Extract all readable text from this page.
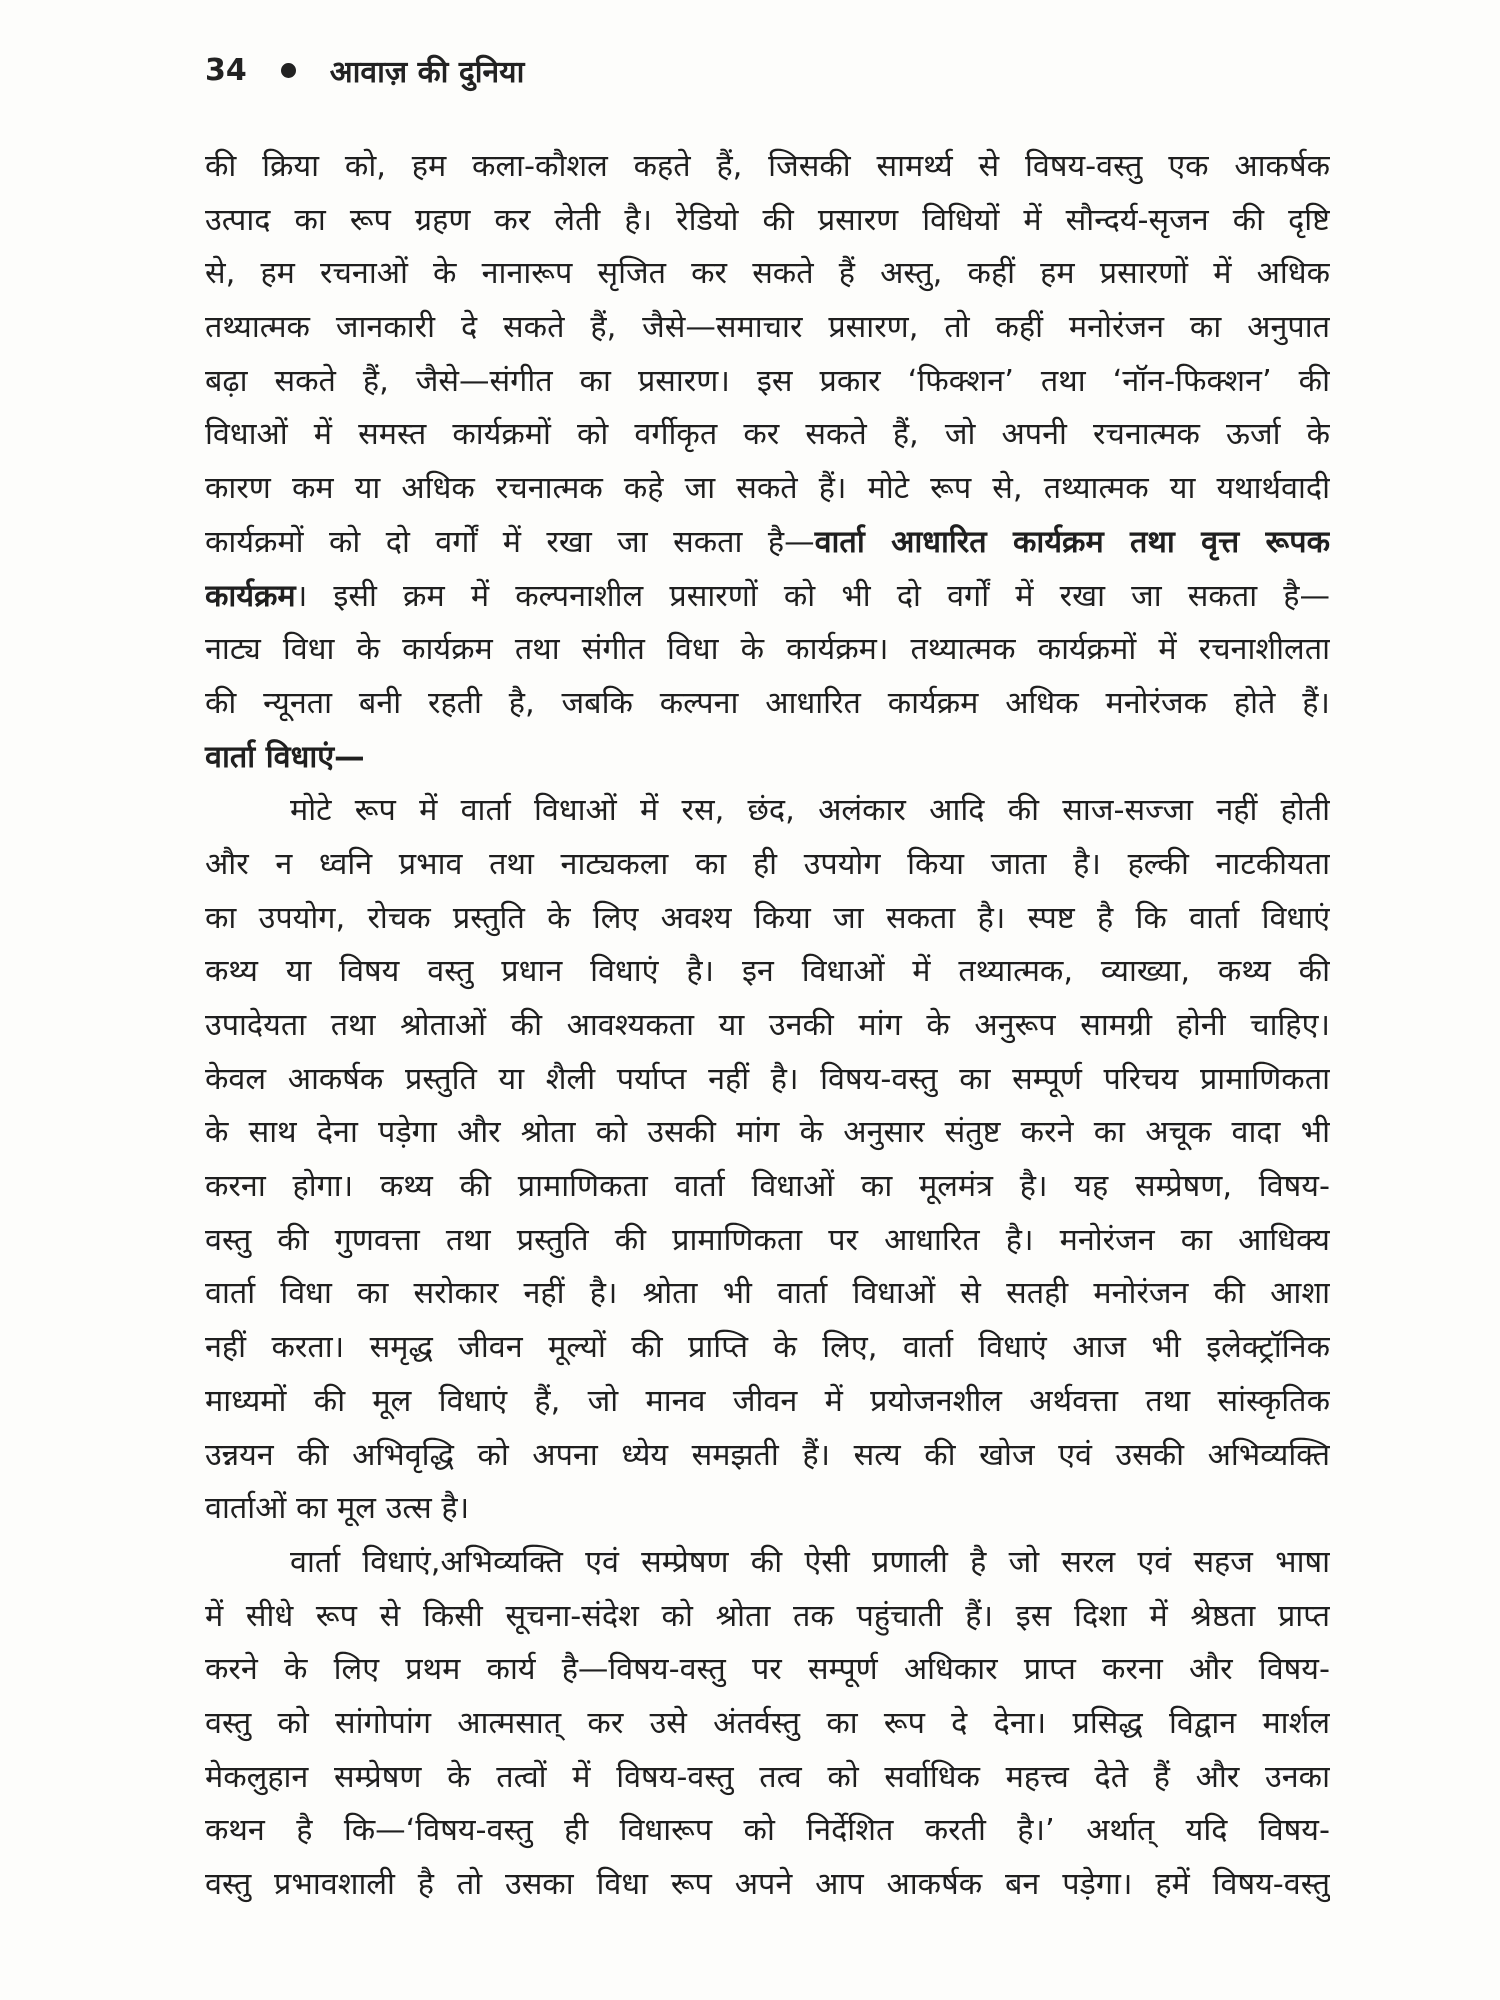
34	आवाज़ की दुनिया
की क्रिया को, हम कला-कौशल कहते हैं, जिसकी सामर्थ्य से विषय-वस्तु एक आकर्षक
उत्पाद का रूप ग्रहण कर लेती है। रेडियो की प्रसारण विधियों में सौन्दर्य-सृजन की दृष्टि
से, हम रचनाओं के नानारूप सृजित कर सकते हैं अस्तु, कहीं हम प्रसारणों में अधिक
तथ्यात्मक जानकारी दे सकते हैं, जैसे—समाचार प्रसारण, तो कहीं मनोरंजन का अनुपात
बढ़ा सकते हैं, जैसे—संगीत का प्रसारण। इस प्रकार ‘फिक्शन’ तथा ‘नॉन-फिक्शन’ की
विधाओं में समस्त कार्यक्रमों को वर्गीकृत कर सकते हैं, जो अपनी रचनात्मक ऊर्जा के
कारण कम या अधिक रचनात्मक कहे जा सकते हैं। मोटे रूप से, तथ्यात्मक या यथार्थवादी
कार्यक्रमों को दो वर्गों में रखा जा सकता है—वार्ता आधारित कार्यक्रम तथा वृत्त रूपक
कार्यक्रम। इसी क्रम में कल्पनाशील प्रसारणों को भी दो वर्गों में रखा जा सकता है—
नाट्य विधा के कार्यक्रम तथा संगीत विधा के कार्यक्रम। तथ्यात्मक कार्यक्रमों में रचनाशीलता
की न्यूनता बनी रहती है, जबकि कल्पना आधारित कार्यक्रम अधिक मनोरंजक होते हैं।
वार्ता विधाएं—
मोटे रूप में वार्ता विधाओं में रस, छंद, अलंकार आदि की साज-सज्जा नहीं होती
और न ध्वनि प्रभाव तथा नाट्यकला का ही उपयोग किया जाता है। हल्की नाटकीयता
का उपयोग, रोचक प्रस्तुति के लिए अवश्य किया जा सकता है। स्पष्ट है कि वार्ता विधाएं
कथ्य या विषय वस्तु प्रधान विधाएं है। इन विधाओं में तथ्यात्मक, व्याख्या, कथ्य की
उपादेयता तथा श्रोताओं की आवश्यकता या उनकी मांग के अनुरूप सामग्री होनी चाहिए।
केवल आकर्षक प्रस्तुति या शैली पर्याप्त नहीं है। विषय-वस्तु का सम्पूर्ण परिचय प्रामाणिकता
के साथ देना पड़ेगा और श्रोता को उसकी मांग के अनुसार संतुष्ट करने का अचूक वादा भी
करना होगा। कथ्य की प्रामाणिकता वार्ता विधाओं का मूलमंत्र है। यह सम्प्रेषण, विषय-
वस्तु की गुणवत्ता तथा प्रस्तुति की प्रामाणिकता पर आधारित है। मनोरंजन का आधिक्य
वार्ता विधा का सरोकार नहीं है। श्रोता भी वार्ता विधाओं से सतही मनोरंजन की आशा
नहीं करता। समृद्ध जीवन मूल्यों की प्राप्ति के लिए, वार्ता विधाएं आज भी इलेक्ट्रॉनिक
माध्यमों की मूल विधाएं हैं, जो मानव जीवन में प्रयोजनशील अर्थवत्ता तथा सांस्कृतिक
उन्नयन की अभिवृद्धि को अपना ध्येय समझती हैं। सत्य की खोज एवं उसकी अभिव्यक्ति
वार्ताओं का मूल उत्स है।
वार्ता विधाएं,अभिव्यक्ति एवं सम्प्रेषण की ऐसी प्रणाली है जो सरल एवं सहज भाषा
में सीधे रूप से किसी सूचना-संदेश को श्रोता तक पहुंचाती हैं। इस दिशा में श्रेष्ठता प्राप्त
करने के लिए प्रथम कार्य है—विषय-वस्तु पर सम्पूर्ण अधिकार प्राप्त करना और विषय-
वस्तु को सांगोपांग आत्मसात् कर उसे अंतर्वस्तु का रूप दे देना। प्रसिद्ध विद्वान मार्शल
मेकलुहान सम्प्रेषण के तत्वों में विषय-वस्तु तत्व को सर्वाधिक महत्त्व देते हैं और उनका
कथन है कि—‘विषय-वस्तु ही विधारूप को निर्देशित करती है।’ अर्थात् यदि विषय-
वस्तु प्रभावशाली है तो उसका विधा रूप अपने आप आकर्षक बन पड़ेगा। हमें विषय-वस्तु
